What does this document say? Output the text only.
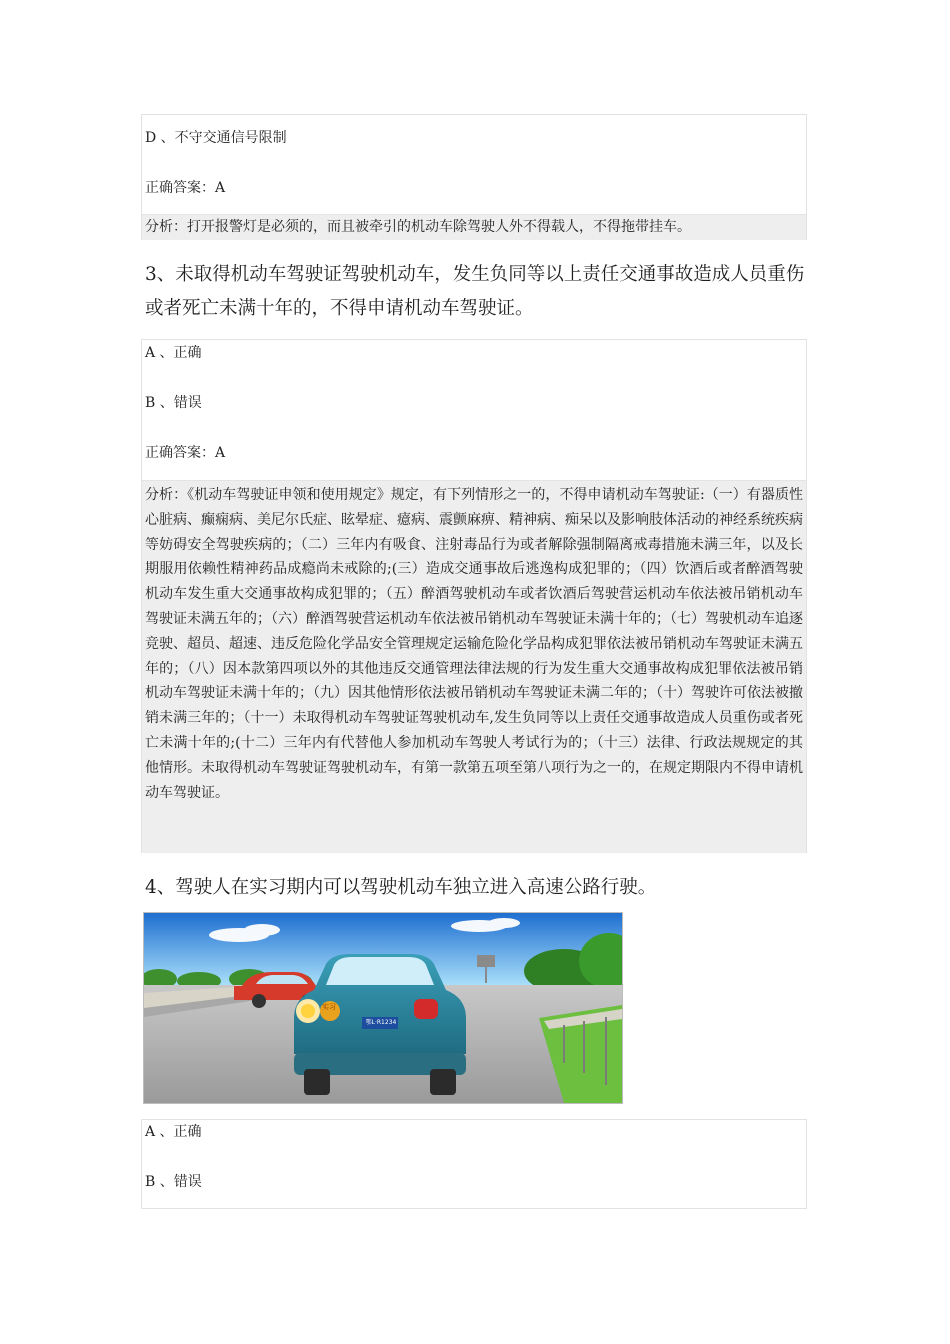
D 、不守交通信号限制
正确答案：A
分析：打开报警灯是必须的，而且被牵引的机动车除驾驶人外不得载人，不得拖带挂车。
3、未取得机动车驾驶证驾驶机动车，发生负同等以上责任交通事故造成人员重伤或者死亡未满十年的，不得申请机动车驾驶证。
A 、正确
B 、错误
正确答案：A
分析：《机动车驾驶证申领和使用规定》规定，有下列情形之一的，不得申请机动车驾驶证:（一）有器质性心脏病、癫痫病、美尼尔氏症、眩晕症、癔病、震颤麻痹、精神病、痴呆以及影响肢体活动的神经系统疾病等妨碍安全驾驶疾病的；（二）三年内有吸食、注射毒品行为或者解除强制隔离戒毒措施未满三年，以及长期服用依赖性精神药品成瘾尚未戒除的;(三）造成交通事故后逃逸构成犯罪的；（四）饮酒后或者醉酒驾驶机动车发生重大交通事故构成犯罪的；（五）醉酒驾驶机动车或者饮酒后驾驶营运机动车依法被吊销机动车驾驶证未满五年的；（六）醉酒驾驶营运机动车依法被吊销机动车驾驶证未满十年的；（七）驾驶机动车追逐竞驶、超员、超速、违反危险化学品安全管理规定运输危险化学品构成犯罪依法被吊销机动车驾驶证未满五年的；（八）因本款第四项以外的其他违反交通管理法律法规的行为发生重大交通事故构成犯罪依法被吊销机动车驾驶证未满十年的；（九）因其他情形依法被吊销机动车驾驶证未满二年的；（十）驾驶许可依法被撤销未满三年的；（十一）未取得机动车驾驶证驾驶机动车,发生负同等以上责任交通事故造成人员重伤或者死亡未满十年的;(十二）三年内有代替他人参加机动车驾驶人考试行为的；（十三）法律、行政法规规定的其他情形。未取得机动车驾驶证驾驶机动车，有第一款第五项至第八项行为之一的，在规定期限内不得申请机动车驾驶证。
4、驾驶人在实习期内可以驾驶机动车独立进入高速公路行驶。
实习
鄂L·R1234
A 、正确
B 、错误
